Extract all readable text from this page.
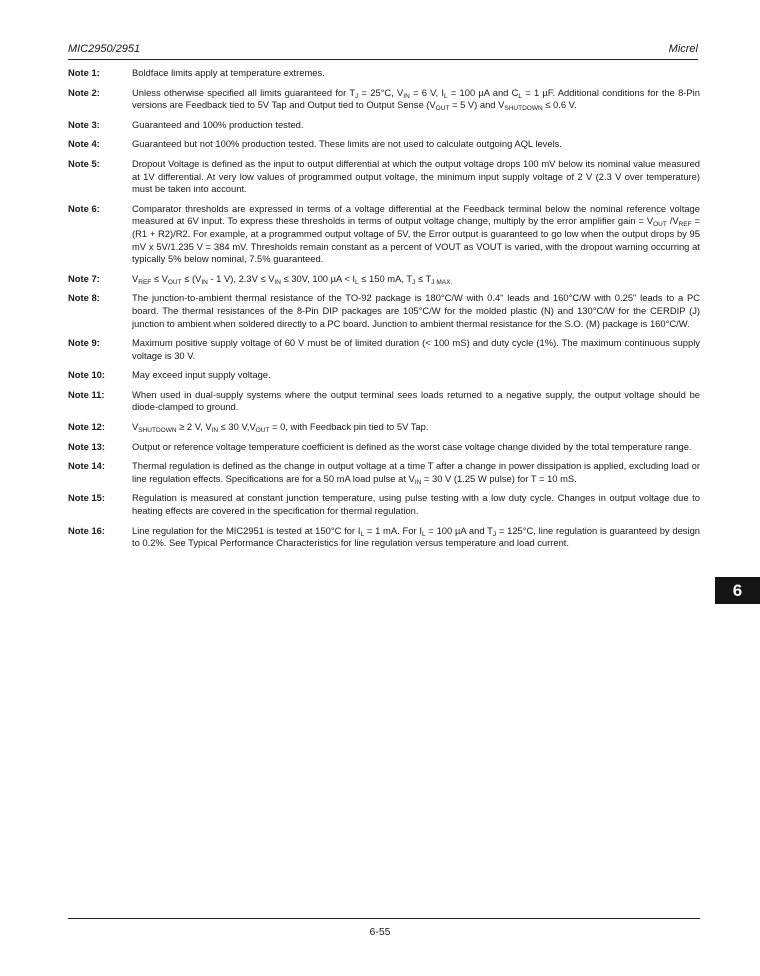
MIC2950/2951	Micrel
Note 1:	Boldface limits apply at temperature extremes.
Note 2:	Unless otherwise specified all limits guaranteed for $T_J = 25^\circ C$, $V_{IN} = 6$ V, $I_L = 100$ µA and $C_L = 1$ µF. Additional conditions for the 8-Pin versions are Feedback tied to 5V Tap and Output tied to Output Sense ($V_{OUT} = 5$ V) and $V_{SHUTDOWN} \le 0.6$ V.
Note 3:	Guaranteed and 100% production tested.
Note 4:	Guaranteed but not 100% production tested. These limits are not used to calculate outgoing AQL levels.
Note 5:	Dropout Voltage is defined as the input to output differential at which the output voltage drops 100 mV below its nominal value measured at 1V differential. At very low values of programmed output voltage, the minimum input supply voltage of 2 V (2.3 V over temperature) must be taken into account.
Note 6:	Comparator thresholds are expressed in terms of a voltage differential at the Feedback terminal below the nominal reference voltage measured at 6V input. To express these thresholds in terms of output voltage change, multiply by the error amplifier gain = $V_{OUT}$ $/V_{REF} = (R1 + R2)/R2$. For example, at a programmed output voltage of 5V, the Error output is guaranteed to go low when the output drops by 95 mV x 5V/1.235 V = 384 mV. Thresholds remain constant as a percent of VOUT as VOUT is varied, with the dropout warning occurring at typically 5% below nominal, 7.5% guaranteed.
Note 7:	$V_{REF} \le V_{OUT} \le (V_{IN} - 1$ V), $2.3V \le V_{IN} \le 30V$, 100 $\mu A < I_L \le 150$ mA, $T_J \le T_{J MAX.}$
Note 8:	The junction-to-ambient thermal resistance of the TO-92 package is 180°C/W with 0.4" leads and 160°C/W with 0.25" leads to a PC board. The thermal resistances of the 8-Pin DIP packages are 105°C/W for the molded plastic (N) and 130°C/W for the CERDIP (J) junction to ambient when soldered directly to a PC board. Junction to ambient thermal resistance for the S.O. (M) package is 160°C/W.
Note 9:	Maximum positive supply voltage of 60 V must be of limited duration (< 100 mS) and duty cycle (1%). The maximum continuous supply voltage is 30 V.
Note 10:	May exceed input supply voltage.
Note 11:	When used in dual-supply systems where the output terminal sees loads returned to a negative supply, the output voltage should be diode-clamped to ground.
Note 12:	$V_{SHUTDOWN} \ge 2$ V, $V_{IN} \le 30$ $V,V_{OUT} = 0$, with Feedback pin tied to 5V Tap.
Note 13:	Output or reference voltage temperature coefficient is defined as the worst case voltage change divided by the total temperature range.
Note 14:	Thermal regulation is defined as the change in output voltage at a time T after a change in power dissipation is applied, excluding load or line regulation effects. Specifications are for a 50 mA load pulse at $V_{IN} = 30$ V (1.25 W pulse) for T = 10 mS.
Note 15:	Regulation is measured at constant junction temperature, using pulse testing with a low duty cycle. Changes in output voltage due to heating effects are covered in the specification for thermal regulation.
Note 16:	Line regulation for the MIC2951 is tested at 150°C for $I_L = 1$ mA. For $I_L = 100$ µA and $T_J = 125^\circ C$, line regulation is guaranteed by design to 0.2%. See Typical Performance Characteristics for line regulation versus temperature and load current.
6
6-55
